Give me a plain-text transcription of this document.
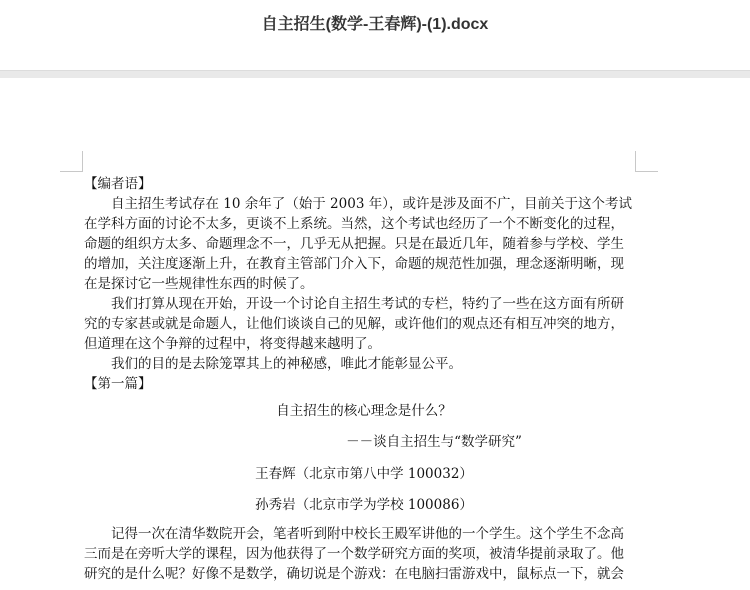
自主招生(数学-王春辉)-(1).docx
【编者语】
　　自主招生考试存在 10 余年了（始于 2003 年），或许是涉及面不广，目前关于这个考试
在学科方面的讨论不太多，更谈不上系统。当然，这个考试也经历了一个不断变化的过程，
命题的组织方太多、命题理念不一，几乎无从把握。只是在最近几年，随着参与学校、学生
的增加，关注度逐渐上升，在教育主管部门介入下，命题的规范性加强，理念逐渐明晰，现
在是探讨它一些规律性东西的时候了。
　　我们打算从现在开始，开设一个讨论自主招生考试的专栏，特约了一些在这方面有所研
究的专家甚或就是命题人，让他们谈谈自己的见解，或许他们的观点还有相互冲突的地方，
但道理在这个争辩的过程中，将变得越来越明了。
　　我们的目的是去除笼罩其上的神秘感，唯此才能彰显公平。
【第一篇】
自主招生的核心理念是什么？
－－谈自主招生与“数学研究”
王春辉（北京市第八中学 100032）
孙秀岩（北京市学为学校 100086）
　　记得一次在清华数院开会，笔者听到附中校长王殿军讲他的一个学生。这个学生不念高
三而是在旁听大学的课程，因为他获得了一个数学研究方面的奖项，被清华提前录取了。他
研究的是什么呢？好像不是数学，确切说是个游戏：在电脑扫雷游戏中，鼠标点一下，就会
